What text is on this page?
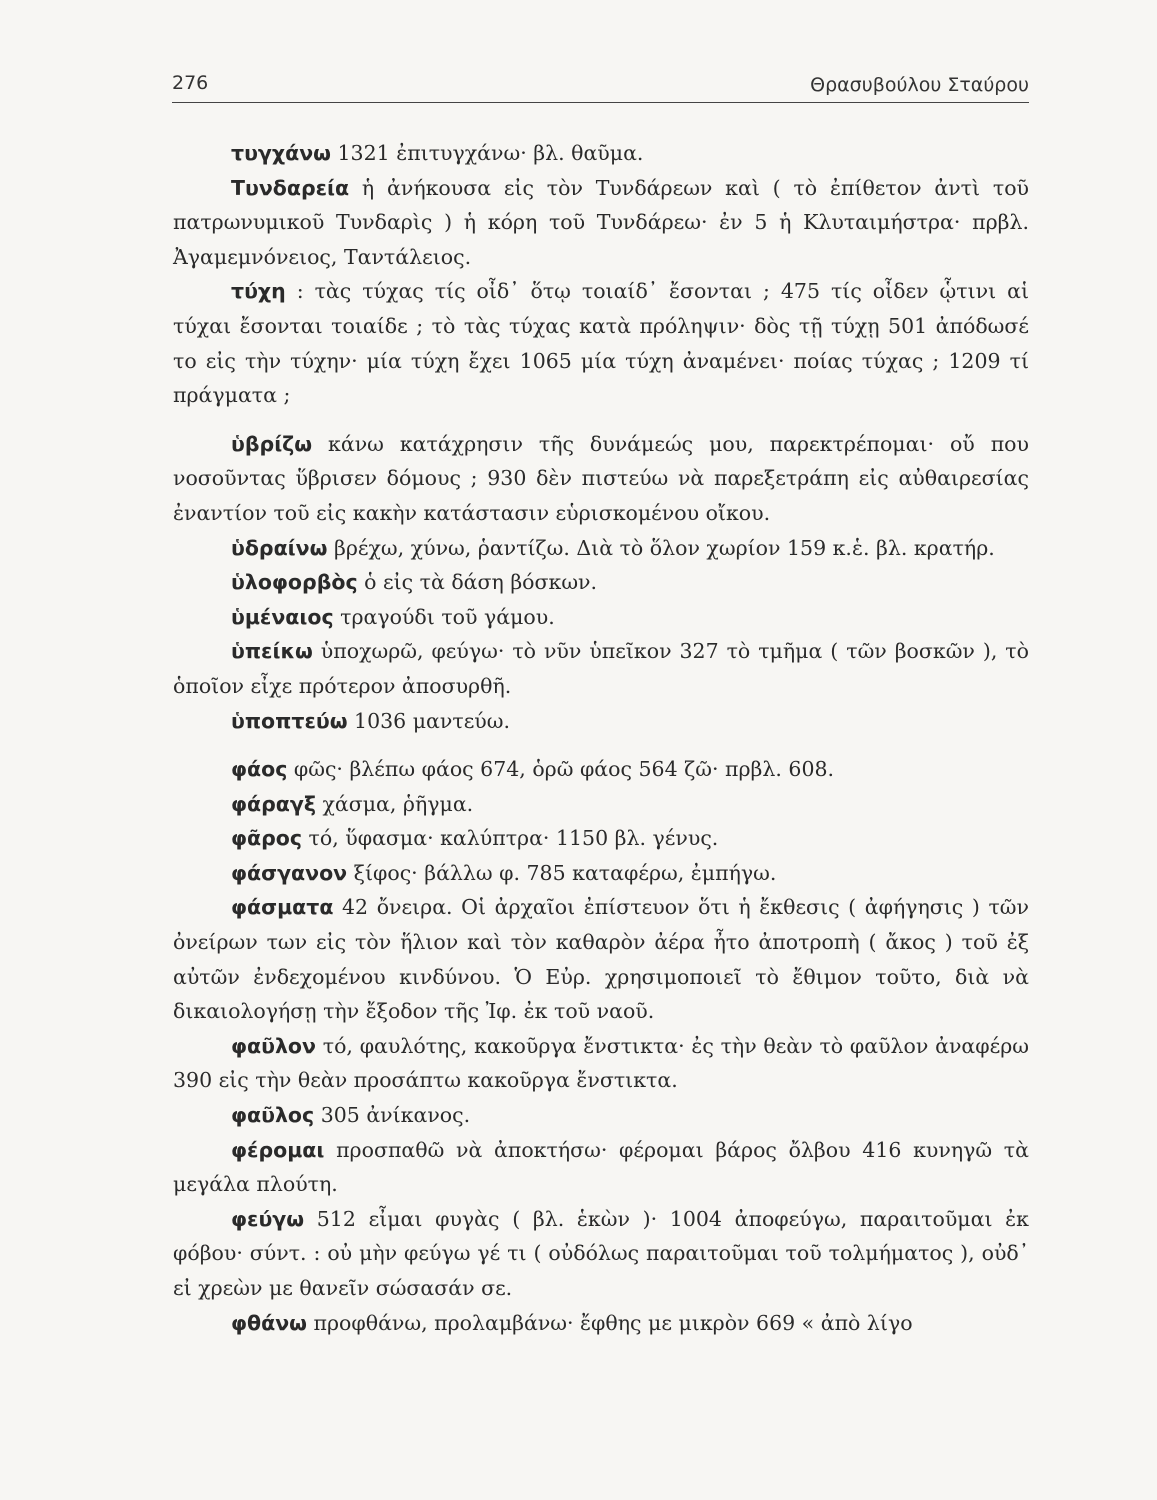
276	Θρασυβούλου Σταύρου

τυγχάνω 1321 ἐπιτυγχάνω· βλ. θαῦμα.

Τυνδαρεία ἡ ἀνήκουσα εἰς τὸν Τυνδάρεων καὶ ( τὸ ἐπίθετον ἀντὶ τοῦ πατρωνυμικοῦ Τυνδαρὶς ) ἡ κόρη τοῦ Τυνδάρεω· ἐν 5 ἡ Κλυταιμήστρα· πρβλ. Ἀγαμεμνόνειος, Ταντάλειος.

τύχη : τὰς τύχας τίς οἶδ᾽ ὅτῳ τοιαίδ᾽ ἔσονται ; 475 τίς οἶδεν ᾧτινι αἱ τύχαι ἔσονται τοιαίδε ; τὸ τὰς τύχας κατὰ πρόληψιν· δὸς τῇ τύχῃ 501 ἀπόδωσέ το εἰς τὴν τύχην· μία τύχη ἔχει 1065 μία τύχη ἀναμένει· ποίας τύχας ; 1209 τί πράγματα ;

ὑβρίζω κάνω κατάχρησιν τῆς δυνάμεώς μου, παρεκτρέπομαι· οὔ που νοσοῦντας ὕβρισεν δόμους ; 930 δὲν πιστεύω νὰ παρεξετράπη εἰς αὐθαιρεσίας ἐναντίον τοῦ εἰς κακὴν κατάστασιν εὑρισκομένου οἴκου.

ὑδραίνω βρέχω, χύνω, ῥαντίζω. Διὰ τὸ ὅλον χωρίον 159 κ.ἑ. βλ. κρατήρ.

ὑλοφορβὸς ὁ εἰς τὰ δάση βόσκων.

ὑμέναιος τραγούδι τοῦ γάμου.

ὑπείκω ὑποχωρῶ, φεύγω· τὸ νῦν ὑπεῖκον 327 τὸ τμῆμα ( τῶν βοσκῶν ), τὸ ὁποῖον εἶχε πρότερον ἀποσυρθῆ.

ὑποπτεύω 1036 μαντεύω.

φάος φῶς· βλέπω φάος 674, ὁρῶ φάος 564 ζῶ· πρβλ. 608.

φάραγξ χάσμα, ῥῆγμα.

φᾶρος τό, ὕφασμα· καλύπτρα· 1150 βλ. γένυς.

φάσγανον ξίφος· βάλλω φ. 785 καταφέρω, ἐμπήγω.

φάσματα 42 ὄνειρα. Οἱ ἀρχαῖοι ἐπίστευον ὅτι ἡ ἔκθεσις ( ἀφήγησις ) τῶν ὀνείρων των εἰς τὸν ἥλιον καὶ τὸν καθαρὸν ἀέρα ἦτο ἀποτροπὴ ( ἄκος ) τοῦ ἐξ αὐτῶν ἐνδεχομένου κινδύνου. Ὁ Εὐρ. χρησιμοποιεῖ τὸ ἔθιμον τοῦτο, διὰ νὰ δικαιολογήσῃ τὴν ἔξοδον τῆς Ἰφ. ἐκ τοῦ ναοῦ.

φαῦλον τό, φαυλότης, κακοῦργα ἔνστικτα· ἐς τὴν θεὰν τὸ φαῦλον ἀναφέρω 390 εἰς τὴν θεὰν προσάπτω κακοῦργα ἔνστικτα.

φαῦλος 305 ἀνίκανος.

φέρομαι προσπαθῶ νὰ ἀποκτήσω· φέρομαι βάρος ὄλβου 416 κυνηγῶ τὰ μεγάλα πλούτη.

φεύγω 512 εἶμαι φυγὰς ( βλ. ἑκὼν )· 1004 ἀποφεύγω, παραιτοῦμαι ἐκ φόβου· σύντ. : οὐ μὴν φεύγω γέ τι ( οὐδόλως παραιτοῦμαι τοῦ τολμήματος ), οὐδ᾽ εἰ χρεὼν με θανεῖν σώσασάν σε.

φθάνω προφθάνω, προλαμβάνω· ἔφθης με μικρὸν 669 « ἀπὸ λίγο
